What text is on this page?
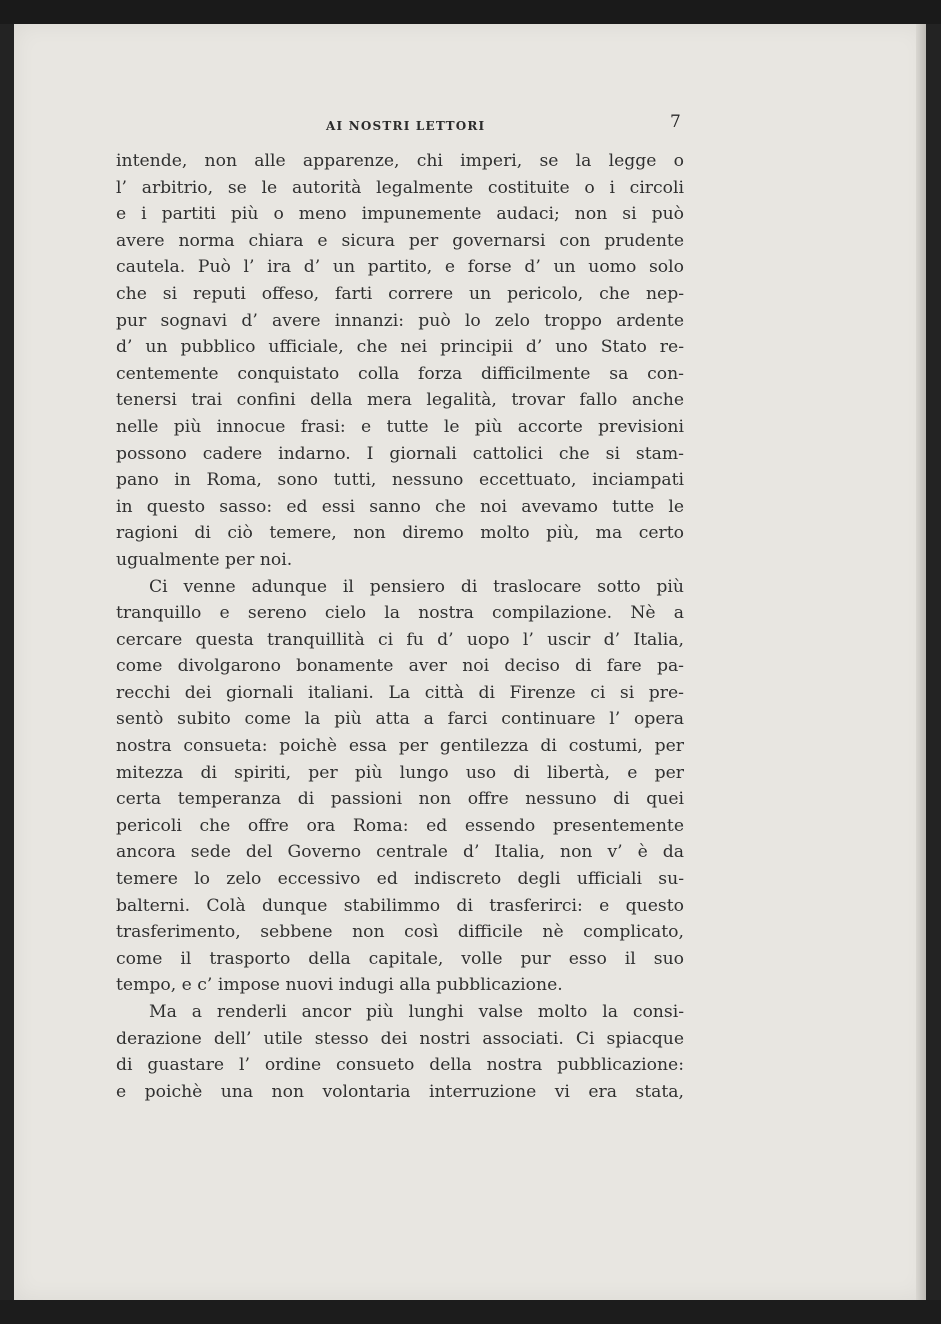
AI NOSTRI LETTORI	7
intende, non alle apparenze, chi imperi, se la legge o
l’ arbitrio, se le autorità legalmente costituite o i circoli
e i partiti più o meno impunemente audaci; non si può
avere norma chiara e sicura per governarsi con prudente
cautela. Può l’ ira d’ un partito, e forse d’ un uomo solo
che si reputi offeso, farti correre un pericolo, che nep-
pur sognavi d’ avere innanzi: può lo zelo troppo ardente
d’ un pubblico ufficiale, che nei principii d’ uno Stato re-
centemente conquistato colla forza difficilmente sa con-
tenersi trai confini della mera legalità, trovar fallo anche
nelle più innocue frasi: e tutte le più accorte previsioni
possono cadere indarno. I giornali cattolici che si stam-
pano in Roma, sono tutti, nessuno eccettuato, inciampati
in questo sasso: ed essi sanno che noi avevamo tutte le
ragioni di ciò temere, non diremo molto più, ma certo
ugualmente per noi.
Ci venne adunque il pensiero di traslocare sotto più
tranquillo e sereno cielo la nostra compilazione. Nè a
cercare questa tranquillità ci fu d’ uopo l’ uscir d’ Italia,
come divolgarono bonamente aver noi deciso di fare pa-
recchi dei giornali italiani. La città di Firenze ci si pre-
sentò subito come la più atta a farci continuare l’ opera
nostra consueta: poichè essa per gentilezza di costumi, per
mitezza di spiriti, per più lungo uso di libertà, e per
certa temperanza di passioni non offre nessuno di quei
pericoli che offre ora Roma: ed essendo presentemente
ancora sede del Governo centrale d’ Italia, non v’ è da
temere lo zelo eccessivo ed indiscreto degli ufficiali su-
balterni. Colà dunque stabilimmo di trasferirci: e questo
trasferimento, sebbene non così difficile nè complicato,
come il trasporto della capitale, volle pur esso il suo
tempo, e c’ impose nuovi indugi alla pubblicazione.
Ma a renderli ancor più lunghi valse molto la consi-
derazione dell’ utile stesso dei nostri associati. Ci spiacque
di guastare l’ ordine consueto della nostra pubblicazione:
e poichè una non volontaria interruzione vi era stata,
